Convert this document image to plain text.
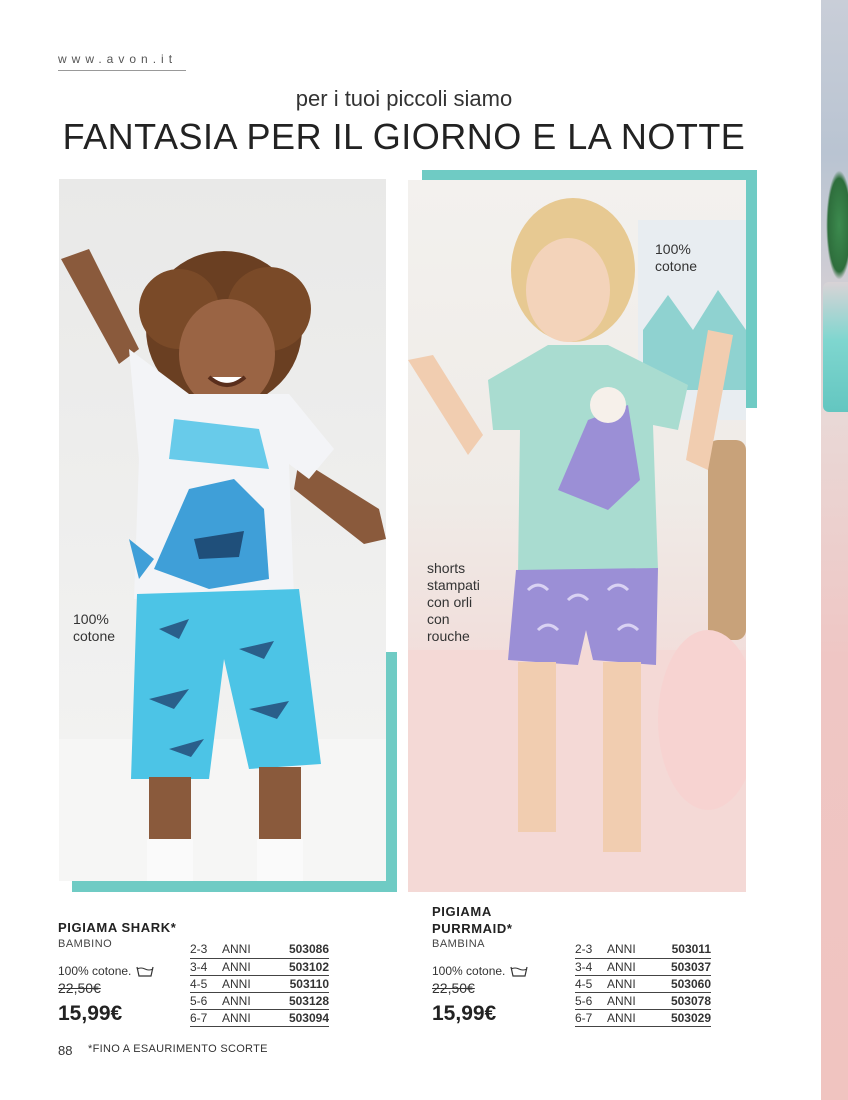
www.avon.it
per i tuoi piccoli siamo
FANTASIA PER IL GIORNO E LA NOTTE
100%
cotone
100%
cotone
shorts
stampati
con orli
con
rouche
PIGIAMA SHARK*
BAMBINO
100% cotone.
22,50€
15,99€
2-3	ANNI	503086
3-4	ANNI	503102
4-5	ANNI	503110
5-6	ANNI	503128
6-7	ANNI	503094
PIGIAMA
PURRMAID*
BAMBINA
100% cotone.
22,50€
15,99€
2-3	ANNI	503011
3-4	ANNI	503037
4-5	ANNI	503060
5-6	ANNI	503078
6-7	ANNI	503029
88 *FINO A ESAURIMENTO SCORTE
